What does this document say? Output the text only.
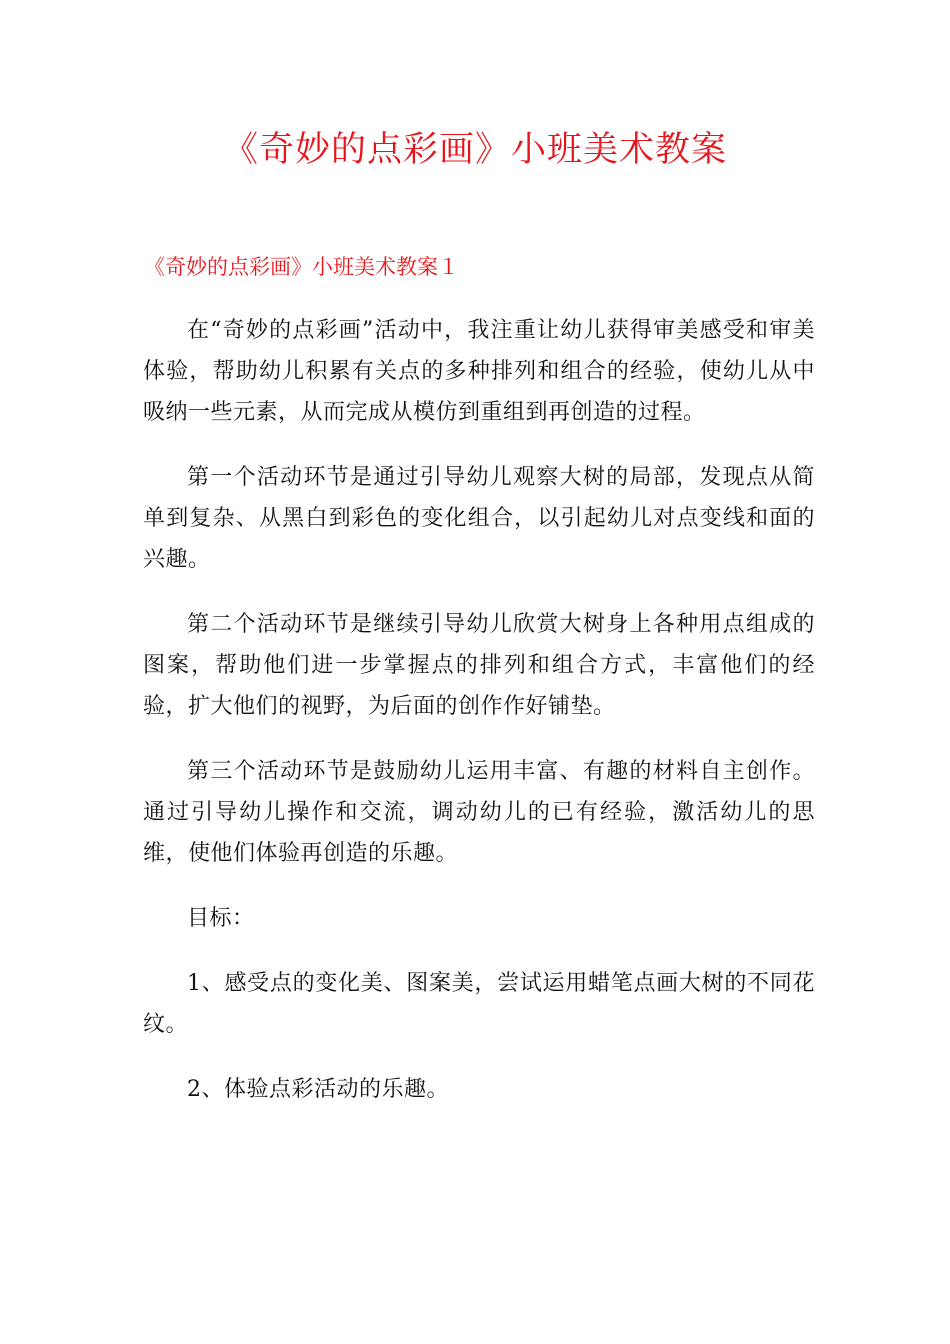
《奇妙的点彩画》小班美术教案
《奇妙的点彩画》小班美术教案１

在“奇妙的点彩画”活动中，我注重让幼儿获得审美感受和审美体验，帮助幼儿积累有关点的多种排列和组合的经验，使幼儿从中吸纳一些元素，从而完成从模仿到重组到再创造的过程。

第一个活动环节是通过引导幼儿观察大树的局部，发现点从简单到复杂、从黑白到彩色的变化组合，以引起幼儿对点变线和面的兴趣。

第二个活动环节是继续引导幼儿欣赏大树身上各种用点组成的图案，帮助他们进一步掌握点的排列和组合方式，丰富他们的经验，扩大他们的视野，为后面的创作作好铺垫。

第三个活动环节是鼓励幼儿运用丰富、有趣的材料自主创作。通过引导幼儿操作和交流，调动幼儿的已有经验，激活幼儿的思维，使他们体验再创造的乐趣。

目标：

1、感受点的变化美、图案美，尝试运用蜡笔点画大树的不同花纹。

2、体验点彩活动的乐趣。
